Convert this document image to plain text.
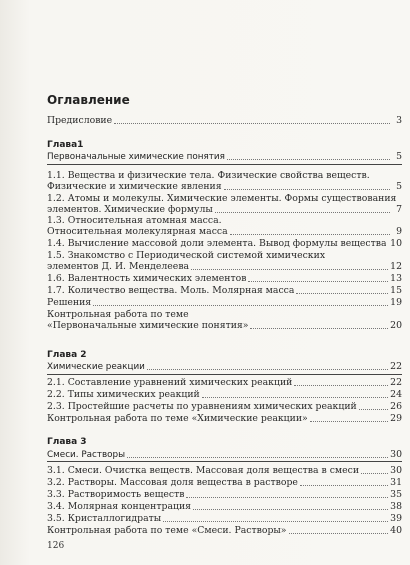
Оглавление
Предисловие	3
Глава1
Первоначальные химические понятия	5
1.1. Вещества и физические тела. Физические свойства веществ.
Физические и химические явления	5
1.2. Атомы и молекулы. Химические элементы. Формы существования
элементов. Химические формулы	7
1.3. Относительная атомная масса.
Относительная молекулярная масса	9
1.4. Вычисление массовой доли элемента. Вывод формулы вещества 10
1.5. Знакомство с Периодической системой химических
элементов Д. И. Менделеева	12
1.6. Валентность химических элементов	13
1.7. Количество вещества. Моль. Молярная масса	15
Решения	19
Контрольная работа по теме
«Первоначальные химические понятия»	20
Глава 2
Химические реакции	22
2.1. Составление уравнений химических реакций	22
2.2. Типы химических реакций	24
2.3. Простейшие расчеты по уравнениям химических реакций	26
Контрольная работа по теме «Химические реакции»	29
Глава 3
Смеси. Растворы	30
3.1. Смеси. Очистка веществ. Массовая доля вещества в смеси	30
3.2. Растворы. Массовая доля вещества в растворе	31
3.3. Растворимость веществ	35
3.4. Молярная концентрация	38
3.5. Кристаллогидраты	39
Контрольная работа по теме «Смеси. Растворы»	40
126
